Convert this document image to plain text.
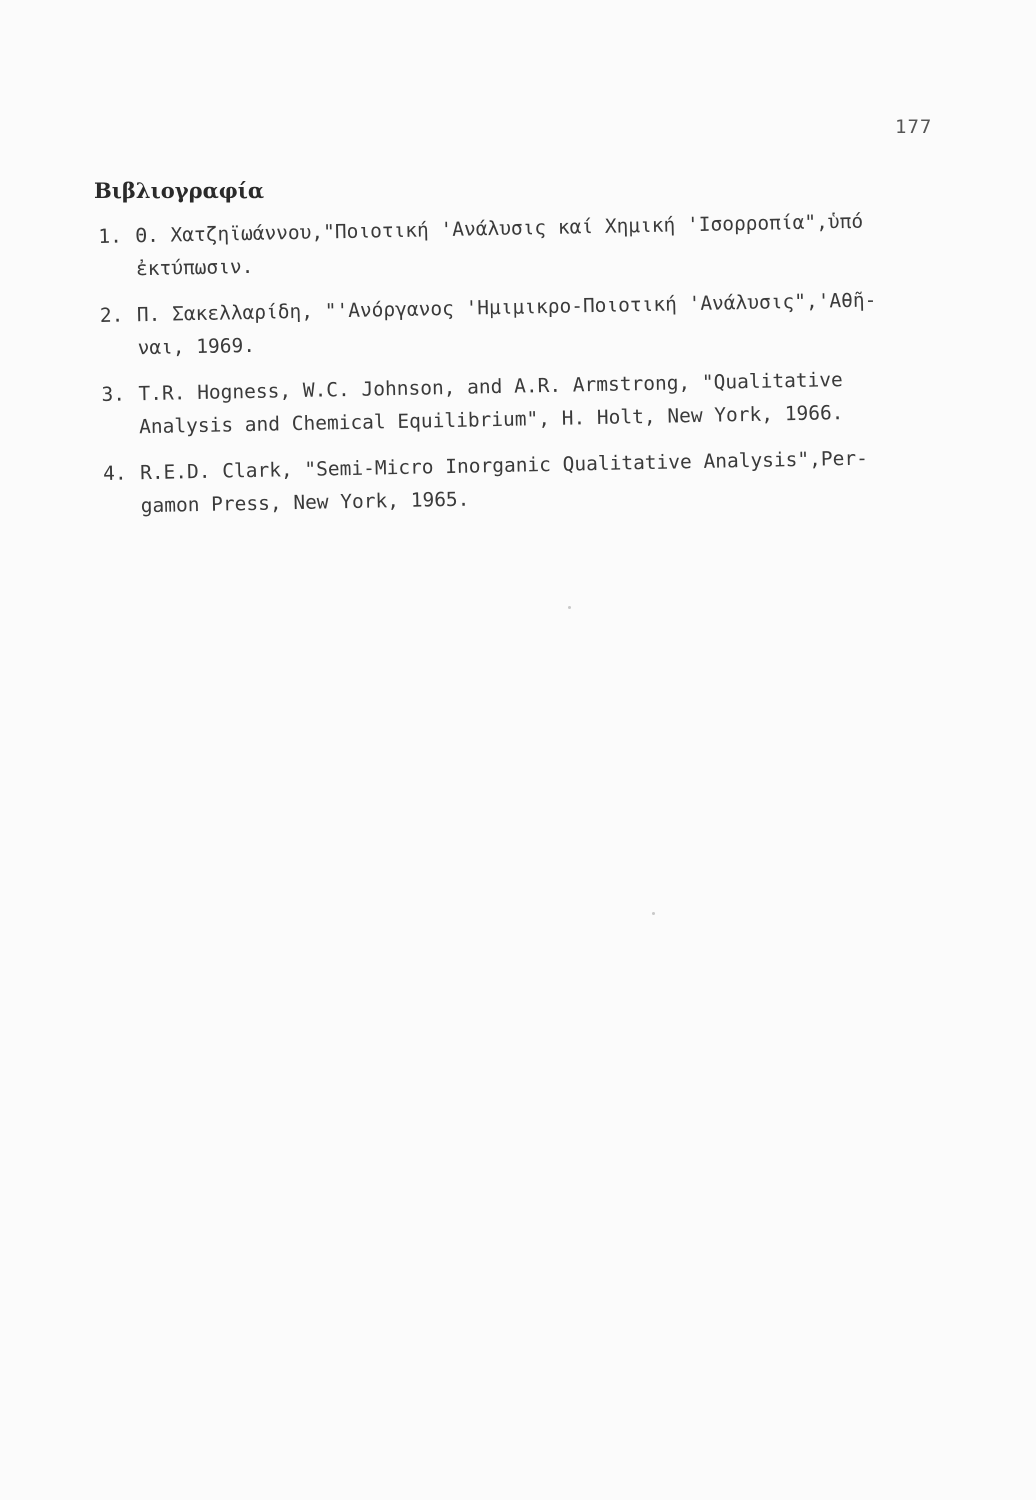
177
Βιβλιογραφία
1. Θ. Χατζηϊωάννου,"Ποιοτική 'Ανάλυσις καί Χημική 'Ισορροπία",ὑπό
ἐκτύπωσιν.
2. Π. Σακελλαρίδη, "'Ανόργανος 'Ημιμικρο-Ποιοτική 'Ανάλυσις",'Αθῆ-
ναι, 1969.
3. T.R. Hogness, W.C. Johnson, and A.R. Armstrong, "Qualitative
Analysis and Chemical Equilibrium", H. Holt, New York, 1966.
4. R.E.D. Clark, "Semi-Micro Inorganic Qualitative Analysis",Per-
gamon Press, New York, 1965.
